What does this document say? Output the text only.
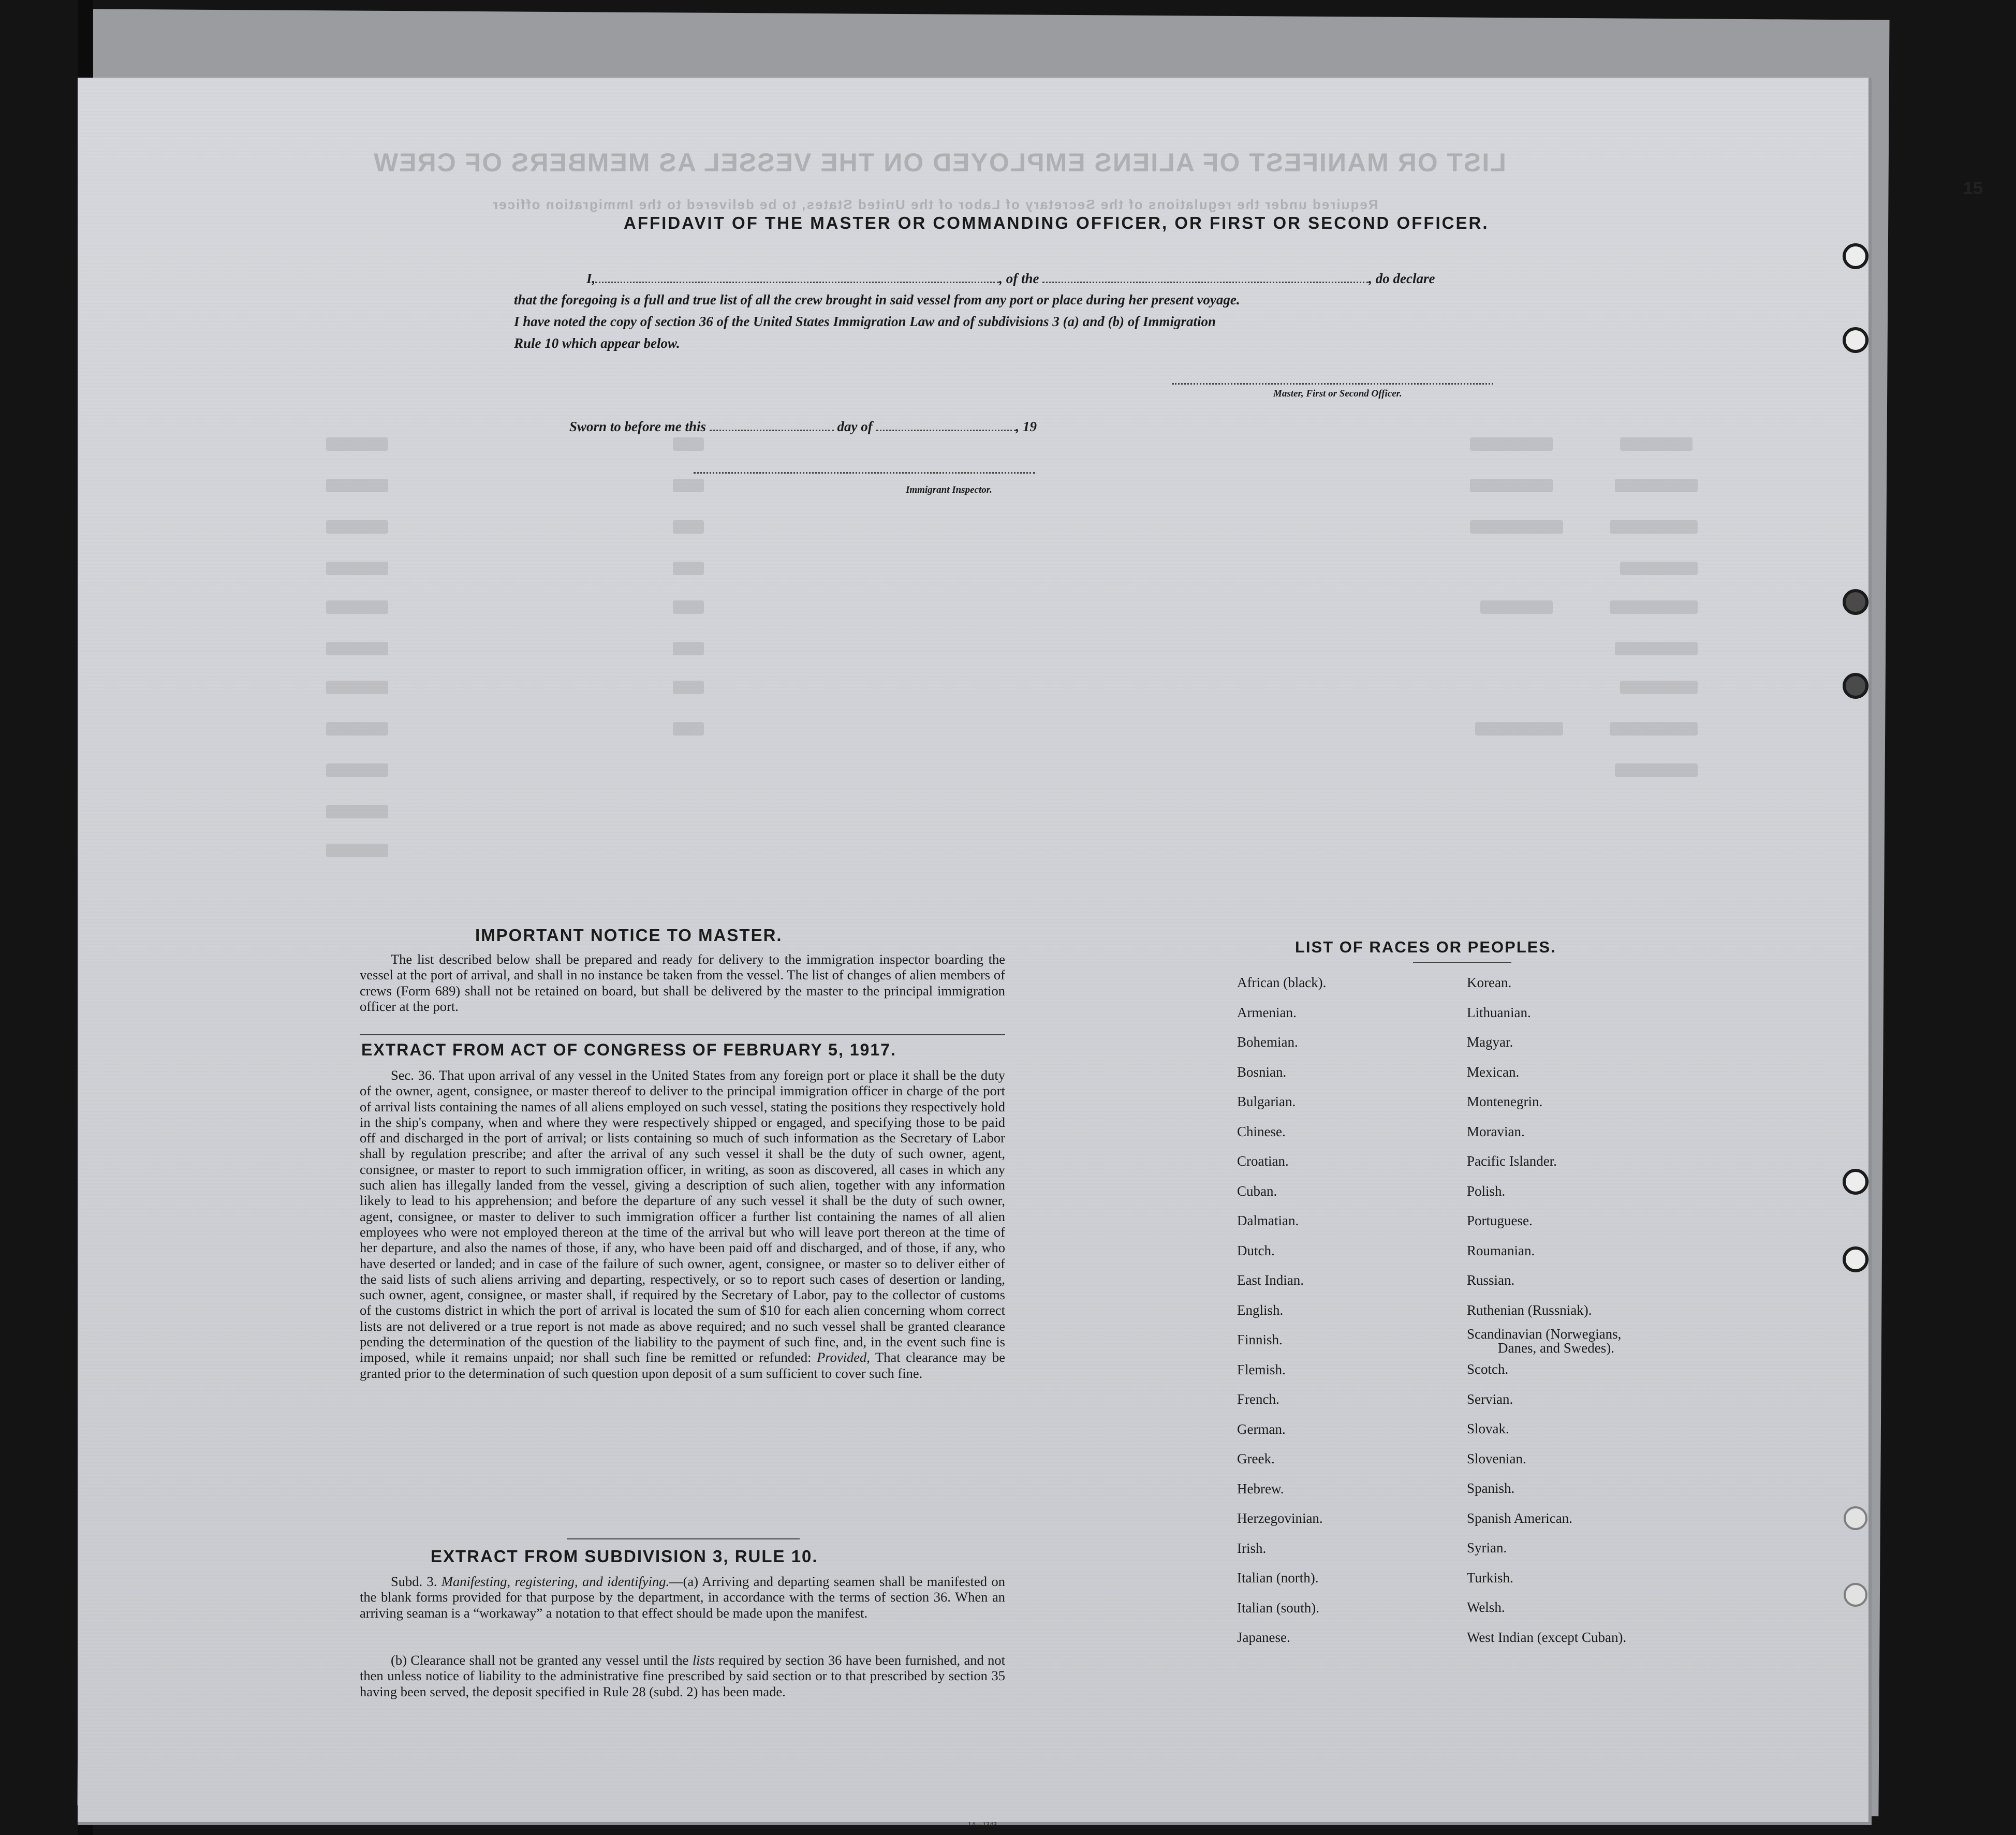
LIST OR MANIFEST OF ALIENS EMPLOYED ON THE VESSEL AS MEMBERS OF CREW
Required under the regulations of the Secretary of Labor of the United States, to be delivered to the Immigration officer
AFFIDAVIT OF THE MASTER OR COMMANDING OFFICER, OR FIRST OR SECOND OFFICER.
I,	, of the	, do declare
that the foregoing is a full and true list of all the crew brought in said vessel from any port or place during her present voyage.
I have noted the copy of section 36 of the United States Immigration Law and of subdivisions 3 (a) and (b) of Immigration
Rule 10 which appear below.
Master, First or Second Officer.
Sworn to before me this	day of	, 19
Immigrant Inspector.
IMPORTANT NOTICE TO MASTER.

The list described below shall be prepared and ready for delivery to the immigration inspector boarding the vessel at the port of arrival, and shall in no instance be taken from the vessel. The list of changes of alien members of crews (Form 689) shall not be retained on board, but shall be delivered by the master to the principal immigration officer at the port.

EXTRACT FROM ACT OF CONGRESS OF FEBRUARY 5, 1917.

Sec. 36. That upon arrival of any vessel in the United States from any foreign port or place it shall be the duty of the owner, agent, consignee, or master thereof to deliver to the principal immigration officer in charge of the port of arrival lists containing the names of all aliens employed on such vessel, stating the positions they respectively hold in the ship's company, when and where they were respectively shipped or engaged, and specifying those to be paid off and discharged in the port of arrival; or lists containing so much of such information as the Secretary of Labor shall by regulation prescribe; and after the arrival of any such vessel it shall be the duty of such owner, agent, consignee, or master to report to such immigration officer, in writing, as soon as discovered, all cases in which any such alien has illegally landed from the vessel, giving a description of such alien, together with any information likely to lead to his apprehension; and before the departure of any such vessel it shall be the duty of such owner, agent, consignee, or master to deliver to such immigration officer a further list containing the names of all alien employees who were not employed thereon at the time of the arrival but who will leave port thereon at the time of her departure, and also the names of those, if any, who have been paid off and discharged, and of those, if any, who have deserted or landed; and in case of the failure of such owner, agent, consignee, or master so to deliver either of the said lists of such aliens arriving and departing, respectively, or so to report such cases of desertion or landing, such owner, agent, consignee, or master shall, if required by the Secretary of Labor, pay to the collector of customs of the customs district in which the port of arrival is located the sum of $10 for each alien concerning whom correct lists are not delivered or a true report is not made as above required; and no such vessel shall be granted clearance pending the determination of the question of the liability to the payment of such fine, and, in the event such fine is imposed, while it remains unpaid; nor shall such fine be remitted or refunded: Provided, That clearance may be granted prior to the determination of such question upon deposit of a sum sufficient to cover such fine.

EXTRACT FROM SUBDIVISION 3, RULE 10.

Subd. 3. Manifesting, registering, and identifying.—(a) Arriving and departing seamen shall be manifested on the blank forms provided for that purpose by the department, in accordance with the terms of section 36. When an arriving seaman is a “workaway” a notation to that effect should be made upon the manifest.

(b) Clearance shall not be granted any vessel until the lists required by section 36 have been furnished, and not then unless notice of liability to the administrative fine prescribed by said section or to that prescribed by section 35 having been served, the deposit specified in Rule 28 (subd. 2) has been made.

14—1343
LIST OF RACES OR PEOPLES.
African (black).
Armenian.
Bohemian.
Bosnian.
Bulgarian.
Chinese.
Croatian.
Cuban.
Dalmatian.
Dutch.
East Indian.
English.
Finnish.
Flemish.
French.
German.
Greek.
Hebrew.
Herzegovinian.
Irish.
Italian (north).
Italian (south).
Japanese.
Korean.
Lithuanian.
Magyar.
Mexican.
Montenegrin.
Moravian.
Pacific Islander.
Polish.
Portuguese.
Roumanian.
Russian.
Ruthenian (Russniak).
Scandinavian (Norwegians,
Danes, and Swedes).
Scotch.
Servian.
Slovak.
Slovenian.
Spanish.
Spanish American.
Syrian.
Turkish.
Welsh.
West Indian (except Cuban).
15
